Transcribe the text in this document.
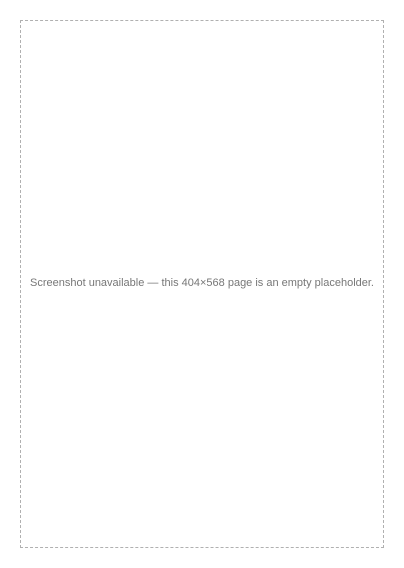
Screenshot unavailable — this 404×568 page is an empty placeholder.
